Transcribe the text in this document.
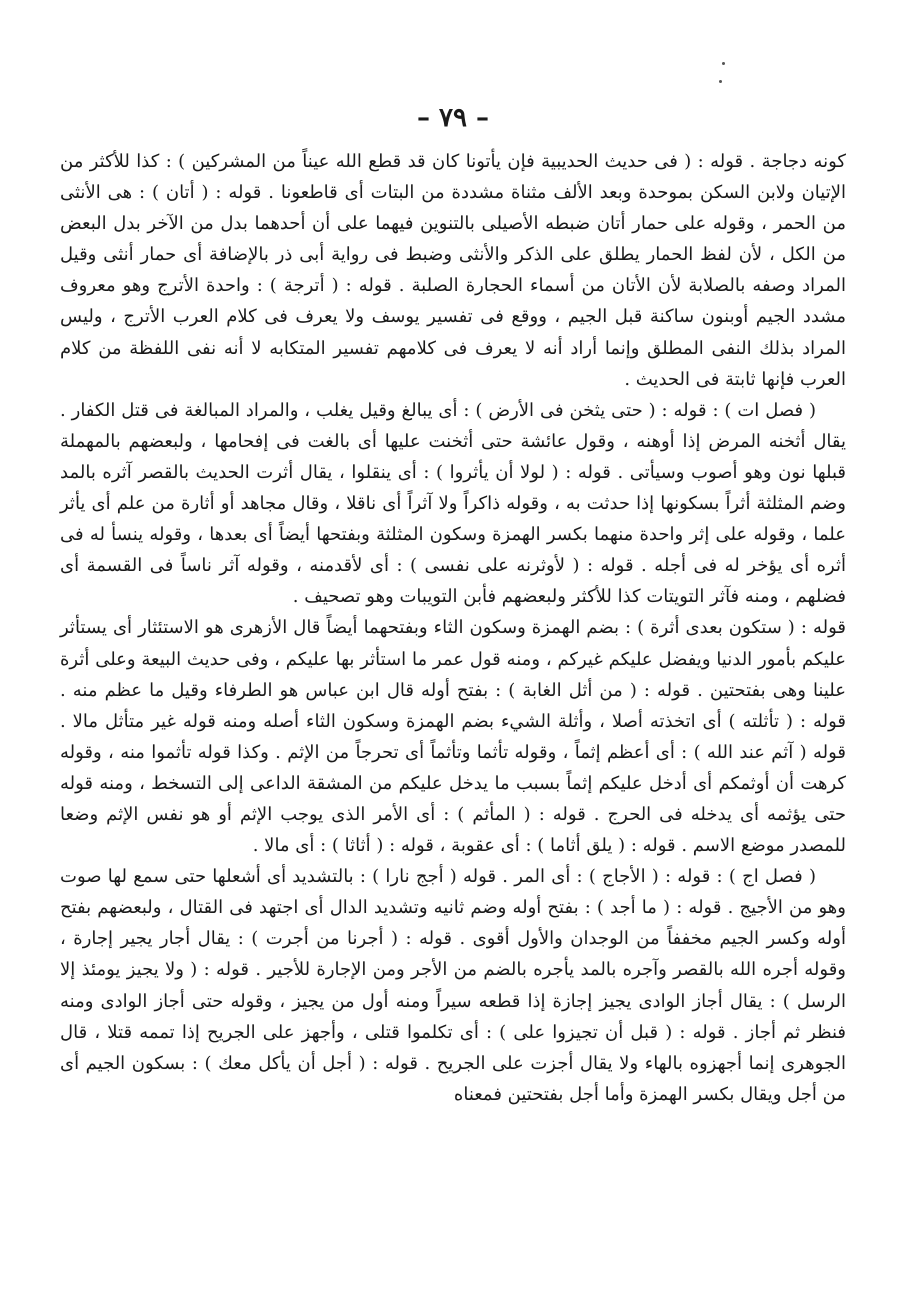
– ٧٩ –

كونه دجاجة . قوله : ( فى حديث الحديبية فإن يأتونا كان قد قطع الله عيناً من المشركين ) : كذا للأكثر من الإتيان ولابن السكن بموحدة وبعد الألف مثناة مشددة من البتات أى قاطعونا . قوله : ( أتان ) : هى الأنثى من الحمر ، وقوله على حمار أتان ضبطه الأصيلى بالتنوين فيهما على أن أحدهما بدل من الآخر بدل البعض من الكل ، لأن لفظ الحمار يطلق على الذكر والأنثى وضبط فى رواية أبى ذر بالإضافة أى حمار أنثى وقيل المراد وصفه بالصلابة لأن الأتان من أسماء الحجارة الصلبة . قوله : ( أترجة ) : واحدة الأترج وهو معروف مشدد الجيم أوبنون ساكنة قبل الجيم ، ووقع فى تفسير يوسف ولا يعرف فى كلام العرب الأترج ، وليس المراد بذلك النفى المطلق وإنما أراد أنه لا يعرف فى كلامهم تفسير المتكابه لا أنه نفى اللفظة من كلام العرب فإنها ثابتة فى الحديث .

( فصل ات ) : قوله : ( حتى يثخن فى الأرض ) : أى يبالغ وقيل يغلب ، والمراد المبالغة فى قتل الكفار . يقال أثخنه المرض إذا أوهنه ، وقول عائشة حتى أثخنت عليها أى بالغت فى إفحامها ، ولبعضهم بالمهملة قبلها نون وهو أصوب وسيأتى . قوله : ( لولا أن يأثروا ) : أى ينقلوا ، يقال أثرت الحديث بالقصر آثره بالمد وضم المثلثة أثراً بسكونها إذا حدثت به ، وقوله ذاكراً ولا آثراً أى ناقلا ، وقال مجاهد أو أثارة من علم أى يأثر علما ، وقوله على إثر واحدة منهما بكسر الهمزة وسكون المثلثة وبفتحها أيضاً أى بعدها ، وقوله ينسأ له فى أثره أى يؤخر له فى أجله . قوله : ( لأوثرنه على نفسى ) : أى لأقدمنه ، وقوله آثر ناساً فى القسمة أى فضلهم ، ومنه فآثر التويتات كذا للأكثر ولبعضهم فأبن التويبات وهو تصحيف .

قوله : ( ستكون بعدى أثرة ) : بضم الهمزة وسكون الثاء وبفتحهما أيضاً قال الأزهرى هو الاستئثار أى يستأثر عليكم بأمور الدنيا ويفضل عليكم غيركم ، ومنه قول عمر ما استأثر بها عليكم ، وفى حديث البيعة وعلى أثرة علينا وهى بفتحتين . قوله : ( من أثل الغابة ) : بفتح أوله قال ابن عباس هو الطرفاء وقيل ما عظم منه . قوله : ( تأثلته ) أى اتخذته أصلا ، وأثلة الشيء بضم الهمزة وسكون الثاء أصله ومنه قوله غير متأثل مالا . قوله ( آثم عند الله ) : أى أعظم إثماً ، وقوله تأثما وتأثماً أى تحرجاً من الإثم . وكذا قوله تأثموا منه ، وقوله كرهت أن أوثمكم أى أدخل عليكم إثماً بسبب ما يدخل عليكم من المشقة الداعى إلى التسخط ، ومنه قوله حتى يؤثمه أى يدخله فى الحرج . قوله : ( المأثم ) : أى الأمر الذى يوجب الإثم أو هو نفس الإثم وضعا للمصدر موضع الاسم . قوله : ( يلق أثاما ) : أى عقوبة ، قوله : ( أثاثا ) : أى مالا .

( فصل اج ) : قوله : ( الأجاج ) : أى المر . قوله ( أجج نارا ) : بالتشديد أى أشعلها حتى سمع لها صوت وهو من الأجيج . قوله : ( ما أجد ) : بفتح أوله وضم ثانيه وتشديد الدال أى اجتهد فى القتال ، ولبعضهم بفتح أوله وكسر الجيم مخففاً من الوجدان والأول أقوى . قوله : ( أجرنا من أجرت ) : يقال أجار يجير إجارة ، وقوله أجره الله بالقصر وآجره بالمد يأجره بالضم من الأجر ومن الإجارة للأجير . قوله : ( ولا يجيز يومئذ إلا الرسل ) : يقال أجاز الوادى يجيز إجازة إذا قطعه سيراً ومنه أول من يجيز ، وقوله حتى أجاز الوادى ومنه فنظر ثم أجاز . قوله : ( قبل أن تجيزوا على ) : أى تكلموا قتلى ، وأجهز على الجريح إذا تممه قتلا ، قال الجوهرى إنما أجهزوه بالهاء ولا يقال أجزت على الجريح . قوله : ( أجل أن يأكل معك ) : بسكون الجيم أى من أجل ويقال بكسر الهمزة وأما أجل بفتحتين فمعناه
